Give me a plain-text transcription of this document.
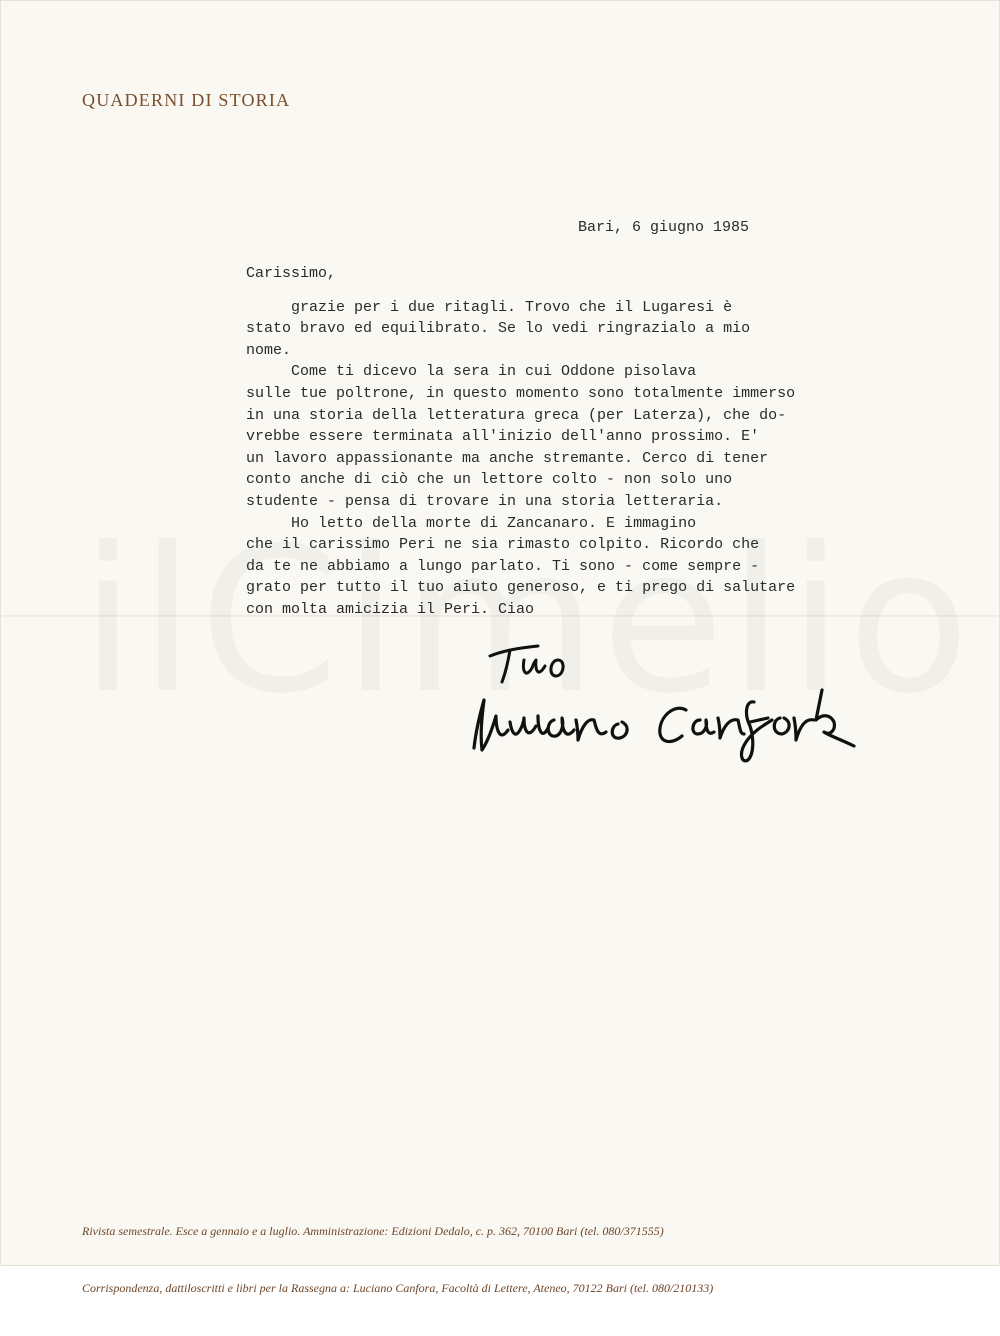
QUADERNI DI STORIA
Bari, 6 giugno 1985
Carissimo,
grazie per i due ritagli. Trovo che il Lugaresi è
stato bravo ed equilibrato. Se lo vedi ringrazialo a mio
nome.
Come ti dicevo la sera in cui Oddone pisolava
sulle tue poltrone, in questo momento sono totalmente immerso
in una storia della letteratura greca (per Laterza), che do-
vrebbe essere terminata all'inizio dell'anno prossimo. E'
un lavoro appassionante ma anche stremante. Cerco di tener
conto anche di ciò che un lettore colto - non solo uno
studente - pensa di trovare in una storia letteraria.
Ho letto della morte di Zancanaro. E immagino
che il carissimo Peri ne sia rimasto colpito. Ricordo che
da te ne abbiamo a lungo parlato. Ti sono - come sempre -
grato per tutto il tuo aiuto generoso, e ti prego di salutare
con molta amicizia il Peri. Ciao

Rivista semestrale. Esce a gennaio e a luglio. Amministrazione: Edizioni Dedalo, c. p. 362, 70100 Bari (tel. 080/371555)

Corrispondenza, dattiloscritti e libri per la Rassegna a: Luciano Canfora, Facoltà di Lettere, Ateneo, 70122 Bari (tel. 080/210133)
